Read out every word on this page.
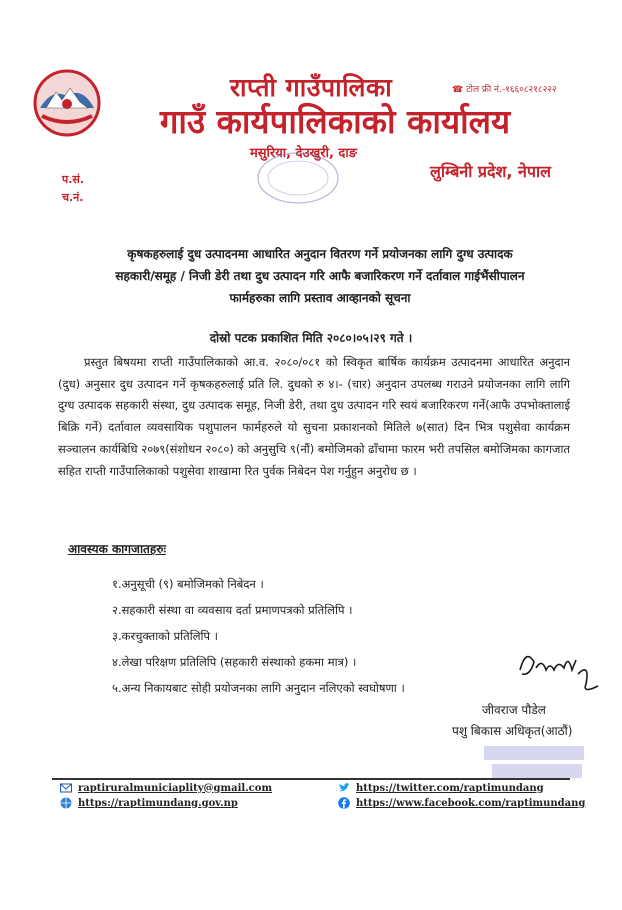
राप्ती गाउँपालिका
गाउँ कार्यपालिकाको कार्यालय
☎ टोल फ्री नं.-१६६०८२१८२२२
मसुरिया, देउखुरी, दाङ
लुम्बिनी प्रदेश, नेपाल
प.सं.
च.नं.
कृषकहरुलाई दुध उत्पादनमा आधारित अनुदान वितरण गर्ने प्रयोजनका लागि दुग्ध उत्पादक
सहकारी/समूह / निजी डेरी तथा दुध उत्पादन गरि आफै बजारिकरण गर्ने दर्तावाल गाईभैंसीपालन
फार्महरुका लागि प्रस्ताव आव्हानको सूचना
दोस्रो पटक प्रकाशित मिति २०८०।०५।२९ गते ।
प्रस्तुत बिषयमा राप्ती गाउँपालिकाको आ.व. २०८०/०८१ को स्विकृत बार्षिक कार्यक्रम उत्पादनमा आधारित अनुदान (दुध) अनुसार दुध उत्पादन गर्ने कृषकहरुलाई प्रति लि. दुधको रु ४।- (चार) अनुदान उपलब्ध गराउने प्रयोजनका लागि लागि दुग्ध उत्पादक सहकारी संस्था, दुध उत्पादक समूह, निजी डेरी, तथा दुध उत्पादन गरि स्वयं बजारिकरण गर्ने(आफै उपभोक्तालाई बिक्रि गर्ने) दर्तावाल व्यवसायिक पशुपालन फार्महरुले यो सुचना प्रकाशनको मितिले ७(सात) दिन भित्र पशुसेवा कार्यक्रम सञ्चालन कार्यबिधि २०७९(संशोधन २०८०) को अनुसुचि ९(नौं) बमोजिमको ढाँचामा फारम भरी तपसिल बमोजिमका कागजात सहित राप्ती गाउँपालिकाको पशुसेवा शाखामा रित पुर्वक निबेदन पेश गर्नुहुन अनुरोध छ ।
आवस्यक कागजातहरुः
१.अनुसूची (९) बमोजिमको निबेदन ।
२.सहकारी संस्था वा व्यवसाय दर्ता प्रमाणपत्रको प्रतिलिपि ।
३.करचुक्ताको प्रतिलिपि ।
४.लेखा परिक्षण प्रतिलिपि (सहकारी संस्थाको हकमा मात्र) ।
५.अन्य निकायबाट सोही प्रयोजनका लागि अनुदान नलिएको स्वघोषणा ।
जीवराज पौडेल
पशु बिकास अधिकृत(आठौं)
raptiruralmuniciaplity@gmail.com
https://raptimundang.gov.np
https://twitter.com/raptimundang
https://www.facebook.com/raptimundang
